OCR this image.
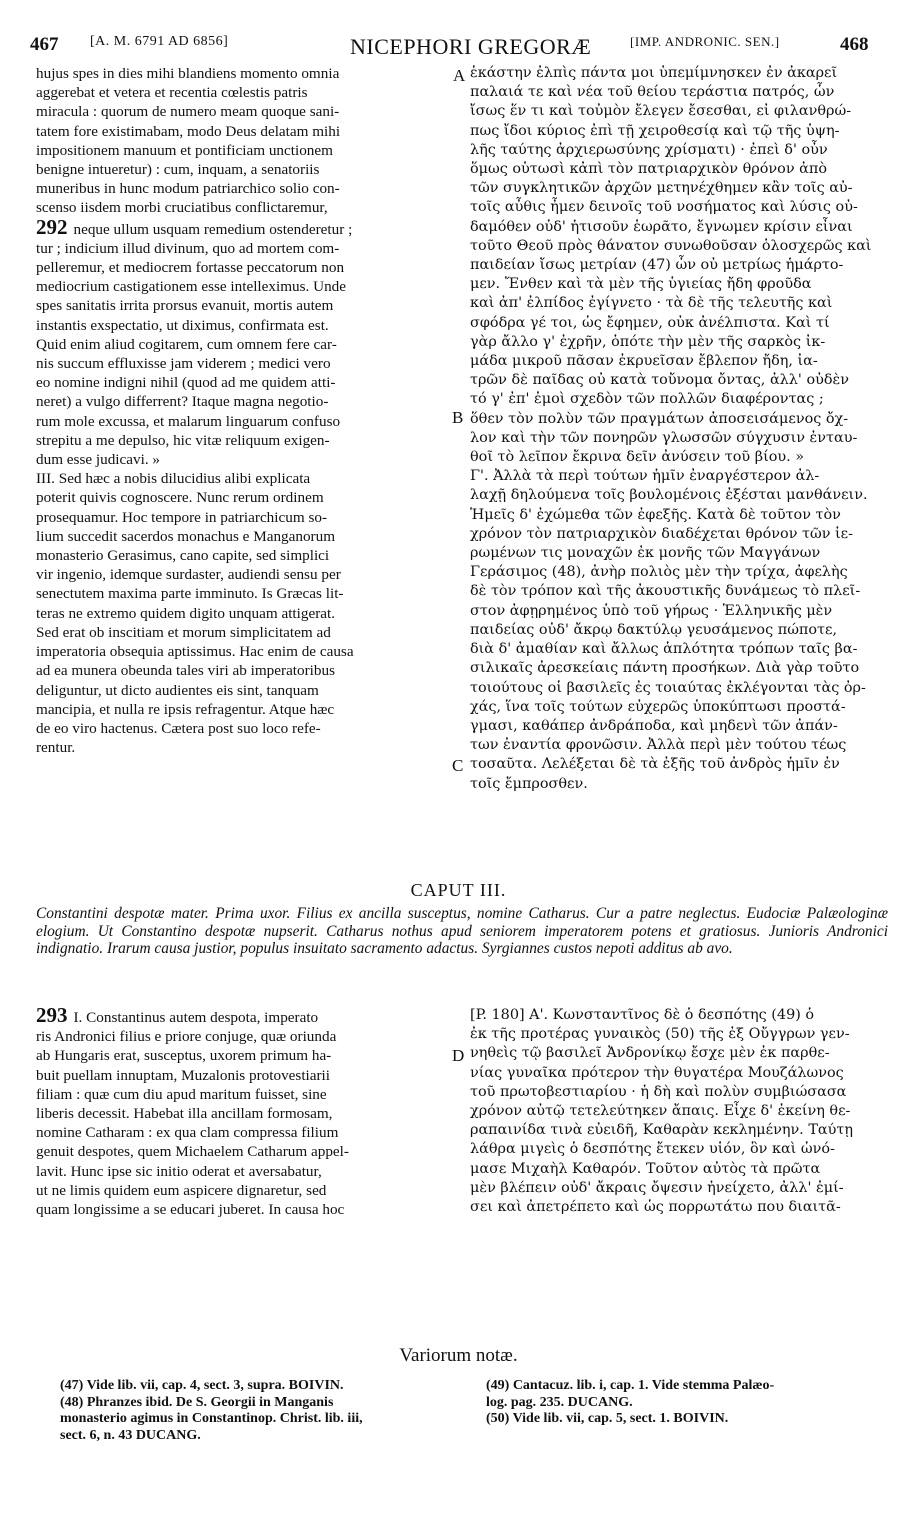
467 [A. M. 6791 AD 6856]	NICEPHORI GREGORÆ	[IMP. ANDRONIC. SEN.]	468
hujus spes in dies mihi blandiens momento omnia
aggerebat et vetera et recentia cœlestis patris
miracula : quorum de numero meam quoque sani-
tatem fore existimabam, modo Deus delatam mihi
impositionem manuum et pontificiam unctionem
benigne intueretur) : cum, inquam, a senatoriis
muneribus in hunc modum patriarchico solio con-
scenso iisdem morbi cruciatibus conflictaremur,
292 neque ullum usquam remedium ostenderetur ;
tur ; indicium illud divinum, quo ad mortem com-
pelleremur, et mediocrem fortasse peccatorum non
mediocrium castigationem esse intelleximus. Unde
spes sanitatis irrita prorsus evanuit, mortis autem
instantis exspectatio, ut diximus, confirmata est.
Quid enim aliud cogitarem, cum omnem fere car-
nis succum effluxisse jam viderem ; medici vero
eo nomine indigni nihil (quod ad me quidem atti-
neret) a vulgo differrent? Itaque magna negotio-
rum mole excussa, et malarum linguarum confuso
strepitu a me depulso, hic vitæ reliquum exigen-
dum esse judicavi. »
III. Sed hæc a nobis dilucidius alibi explicata
poterit quivis cognoscere. Nunc rerum ordinem
prosequamur. Hoc tempore in patriarchicum so-
lium succedit sacerdos monachus e Manganorum
monasterio Gerasimus, cano capite, sed simplici
vir ingenio, idemque surdaster, audiendi sensu per
senectutem maxima parte imminuto. Is Græcas lit-
teras ne extremo quidem digito unquam attigerat.
Sed erat ob inscitiam et morum simplicitatem ad
imperatoria obsequia aptissimus. Hac enim de causa
ad ea munera obeunda tales viri ab imperatoribus
deliguntur, ut dicto audientes eis sint, tanquam
mancipia, et nulla re ipsis refragentur. Atque hæc
de eo viro hactenus. Cætera post suo loco refe-
rentur.
ἑκάστην ἐλπὶς πάντα μοι ὑπεμίμνησκεν ἐν ἀκαρεῖ
παλαιά τε καὶ νέα τοῦ θείου τεράστια πατρός, ὧν
ἴσως ἕν τι καὶ τοὐμὸν ἔλεγεν ἔσεσθαι, εἰ φιλανθρώ-
πως ἴδοι κύριος ἐπὶ τῇ χειροθεσίᾳ καὶ τῷ τῆς ὑψη-
λῆς ταύτης ἀρχιερωσύνης χρίσματι) · ἐπεὶ δ' οὖν
ὅμως οὑτωσὶ κἀπὶ τὸν πατριαρχικὸν θρόνον ἀπὸ
τῶν συγκλητικῶν ἀρχῶν μετηνέχθημεν κἂν τοῖς αὐ-
τοῖς αὖθις ἦμεν δεινοῖς τοῦ νοσήματος καὶ λύσις οὐ-
δαμόθεν οὐδ' ἡτισοῦν ἑωρᾶτο, ἔγνωμεν κρίσιν εἶναι
τοῦτο Θεοῦ πρὸς θάνατον συνωθοῦσαν ὁλοσχερῶς καὶ
παιδείαν ἴσως μετρίαν (47) ὧν οὐ μετρίως ἡμάρτο-
μεν. Ἔνθεν καὶ τὰ μὲν τῆς ὑγιείας ἤδη φροῦδα
καὶ ἀπ' ἐλπίδος ἐγίγνετο · τὰ δὲ τῆς τελευτῆς καὶ
σφόδρα γέ τοι, ὡς ἔφημεν, οὐκ ἀνέλπιστα. Καὶ τί
γὰρ ἄλλο γ' ἐχρῆν, ὁπότε τὴν μὲν τῆς σαρκὸς ἰκ-
μάδα μικροῦ πᾶσαν ἐκρυεῖσαν ἔβλεπον ἤδη, ἰα-
τρῶν δὲ παῖδας οὐ κατὰ τοὔνομα ὄντας, ἀλλ' οὐδὲν
τό γ' ἐπ' ἐμοὶ σχεδὸν τῶν πολλῶν διαφέροντας ;
ὅθεν τὸν πολὺν τῶν πραγμάτων ἀποσεισάμενος ὄχ-
λον καὶ τὴν τῶν πονηρῶν γλωσσῶν σύγχυσιν ἐνταυ-
θοῖ τὸ λεῖπον ἔκρινα δεῖν ἀνύσειν τοῦ βίου. »
Γ'. Ἀλλὰ τὰ περὶ τούτων ἡμῖν ἐναργέστερον ἀλ-
λαχῇ δηλούμενα τοῖς βουλομένοις ἐξέσται μανθάνειν.
Ἡμεῖς δ' ἐχώμεθα τῶν ἐφεξῆς. Κατὰ δὲ τοῦτον τὸν
χρόνον τὸν πατριαρχικὸν διαδέχεται θρόνον τῶν ἱε-
ρωμένων τις μοναχῶν ἐκ μονῆς τῶν Μαγγάνων
Γεράσιμος (48), ἀνὴρ πολιὸς μὲν τὴν τρίχα, ἀφελὴς
δὲ τὸν τρόπον καὶ τῆς ἀκουστικῆς δυνάμεως τὸ πλεῖ-
στον ἀφῃρημένος ὑπὸ τοῦ γήρως · Ἑλληνικῆς μὲν
παιδείας οὐδ' ἄκρῳ δακτύλῳ γευσάμενος πώποτε,
διὰ δ' ἀμαθίαν καὶ ἄλλως ἁπλότητα τρόπων ταῖς βα-
σιλικαῖς ἀρεσκείαις πάντη προσήκων. Διὰ γὰρ τοῦτο
τοιούτους οἱ βασιλεῖς ἐς τοιαύτας ἐκλέγονται τὰς ὀρ-
χάς, ἵνα τοῖς τούτων εὐχερῶς ὑποκύπτωσι προστά-
γμασι, καθάπερ ἀνδράποδα, καὶ μηδενὶ τῶν ἀπάν-
των ἐναντία φρονῶσιν. Ἀλλὰ περὶ μὲν τούτου τέως
τοσαῦτα. Λελέξεται δὲ τὰ ἑξῆς τοῦ ἀνδρὸς ἡμῖν ἐν
τοῖς ἔμπροσθεν.
A
B
C
D
CAPUT III.
Constantini despotæ mater. Prima uxor. Filius ex ancilla susceptus, nomine Catharus. Cur a patre neglectus. Eudociæ Palæologinæ elogium. Ut Constantino despotæ nupserit. Catharus nothus apud seniorem imperatorem potens et gratiosus. Junioris Andronici indignatio. Irarum causa justior, populus insuitato sacramento adactus. Syrgiannes custos nepoti additus ab avo.
293 I. Constantinus autem despota, imperato
ris Andronici filius e priore conjuge, quæ oriunda
ab Hungaris erat, susceptus, uxorem primum ha-
buit puellam innuptam, Muzalonis protovestiarii
filiam : quæ cum diu apud maritum fuisset, sine
liberis decessit. Habebat illa ancillam formosam,
nomine Catharam : ex qua clam compressa filium
genuit despotes, quem Michaelem Catharum appel-
lavit. Hunc ipse sic initio oderat et aversabatur,
ut ne limis quidem eum aspicere dignaretur, sed
quam longissime a se educari juberet. In causa hoc
[P. 180] Α'. Κωνσταντῖνος δὲ ὁ δεσπότης (49) ὁ
ἐκ τῆς προτέρας γυναικὸς (50) τῆς ἐξ Οὔγγρων γεν-
νηθεὶς τῷ βασιλεῖ Ἀνδρονίκῳ ἔσχε μὲν ἐκ παρθε-
νίας γυναῖκα πρότερον τὴν θυγατέρα Μουζάλωνος
τοῦ πρωτοβεστιαρίου · ἡ δὴ καὶ πολὺν συμβιώσασα
χρόνον αὐτῷ τετελεύτηκεν ἄπαις. Εἶχε δ' ἐκείνη θε-
ραπαινίδα τινὰ εὐειδῆ, Καθαρὰν κεκλημένην. Ταύτῃ
λάθρα μιγεὶς ὁ δεσπότης ἔτεκεν υἱόν, ὃν καὶ ὠνό-
μασε Μιχαὴλ Καθαρόν. Τοῦτον αὐτὸς τὰ πρῶτα
μὲν βλέπειν οὐδ' ἄκραις ὄψεσιν ἠνείχετο, ἀλλ' ἐμί-
σει καὶ ἀπετρέπετο καὶ ὡς πορρωτάτω που διαιτᾶ-
Variorum notæ.
(47) Vide lib. vii, cap. 4, sect. 3, supra. BOIVIN.
(48) Phranzes ibid. De S. Georgii in Manganis
monasterio agimus in Constantinop. Christ. lib. iii,
sect. 6, n. 43 DUCANG.
(49) Cantacuz. lib. i, cap. 1. Vide stemma Palæo-
log. pag. 235. DUCANG.
(50) Vide lib. vii, cap. 5, sect. 1. BOIVIN.
